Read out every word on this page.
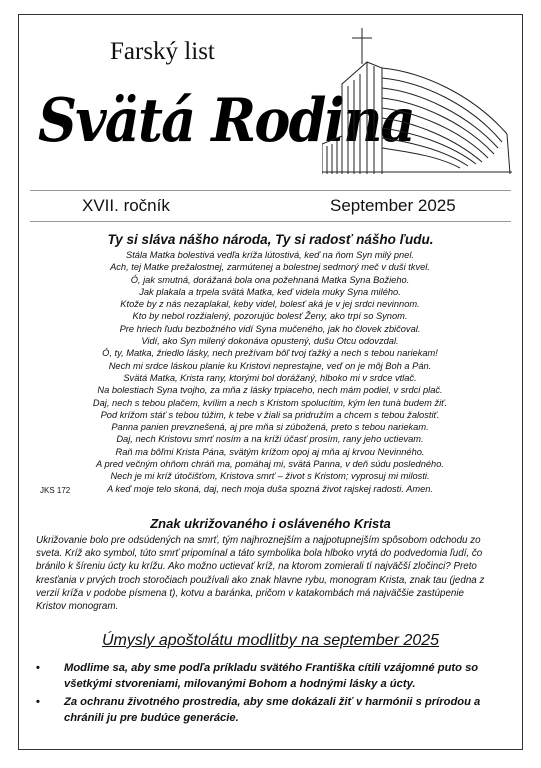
Farský list
Svätá Rodina
XVII. ročník	September 2025
Ty si sláva nášho národa, Ty si radosť nášho ľudu.
Stála Matka bolestivá vedľa kríža lútostivá, keď na ňom Syn milý pnel.
Ach, tej Matke prežalostnej, zarmútenej a bolestnej sedmorý meč v duši tkvel.
Ó, jak smutná, dorážaná bola ona požehnaná Matka Syna Božieho.
Jak plakala a trpela svätá Matka, keď videla muky Syna milého.
Ktože by z nás nezaplakal, keby videl, bolesť aká je v jej srdci nevinnom.
Kto by nebol rozžialený, pozorujúc bolesť Ženy, ako trpí so Synom.
Pre hriech ľudu bezbožného vidí Syna mučeného, jak ho človek zbičoval.
Vidí, ako Syn milený dokonáva opustený, dušu Otcu odovzdal.
Ó, ty, Matka, žriedlo lásky, nech prežívam bôľ tvoj ťažký a nech s tebou nariekam!
Nech mi srdce láskou planie ku Kristovi neprestajne, veď on je môj Boh a Pán.
Svätá Matka, Krista rany, ktorými bol dorážaný, hlboko mi v srdce vtlač.
Na bolestiach Syna tvojho, za mňa z lásky trpiaceho, nech mám podiel, v srdci plač.
Daj, nech s tebou plačem, kvílim a nech s Kristom spolucítim, kým len tunà budem žiť.
Pod krížom stáť s tebou túžim, k tebe v žiali sa pridružím a chcem s tebou žalostiť.
Panna panien prevznešená, aj pre mňa si zúbožená, preto s tebou nariekam.
Daj, nech Kristovu smrť nosím a na kríži účasť prosím, rany jeho uctievam.
Raň ma bôľmi Krista Pána, svätým krížom opoj aj mňa aj krvou Nevinného.
A pred večným ohňom chráň ma, pomáhaj mi, svätá Panna, v deň súdu posledného.
Nech je mi kríž útočišťom, Kristova smrť – život s Kristom; vyprosuj mi milosti.
A keď moje telo skoná, daj, nech moja duša spozná život rajskej radosti. Amen.
JKS 172
Znak ukrižovaného i osláveného Krista
Ukrižovanie bolo pre odsúdených na smrť, tým najhroznejším a najpotupnejším spôsobom odchodu zo
sveta. Kríž ako symbol, túto smrť pripomínal a táto symbolika bola hlboko vrytá do podvedomia ľudí, čo
bránilo k šíreniu úcty ku krížu. Ako možno uctievať kríž, na ktorom zomierali tí najväčší zločinci? Preto
kresťania v prvých troch storočiach používali ako znak hlavne rybu, monogram Krista, znak tau (jedna z
verzií kríža v podobe písmena t), kotvu a baránka, pričom v katakombách má najväčšie zastúpenie
Kristov monogram.
Úmysly apoštolátu modlitby na september 2025
• Modlime sa, aby sme podľa príkladu svätého Františka cítili vzájomné puto so
všetkými stvoreniami, milovanými Bohom a hodnými lásky a úcty.
• Za ochranu životného prostredia, aby sme dokázali žiť v harmónii s prírodou a
chránili ju pre budúce generácie.
